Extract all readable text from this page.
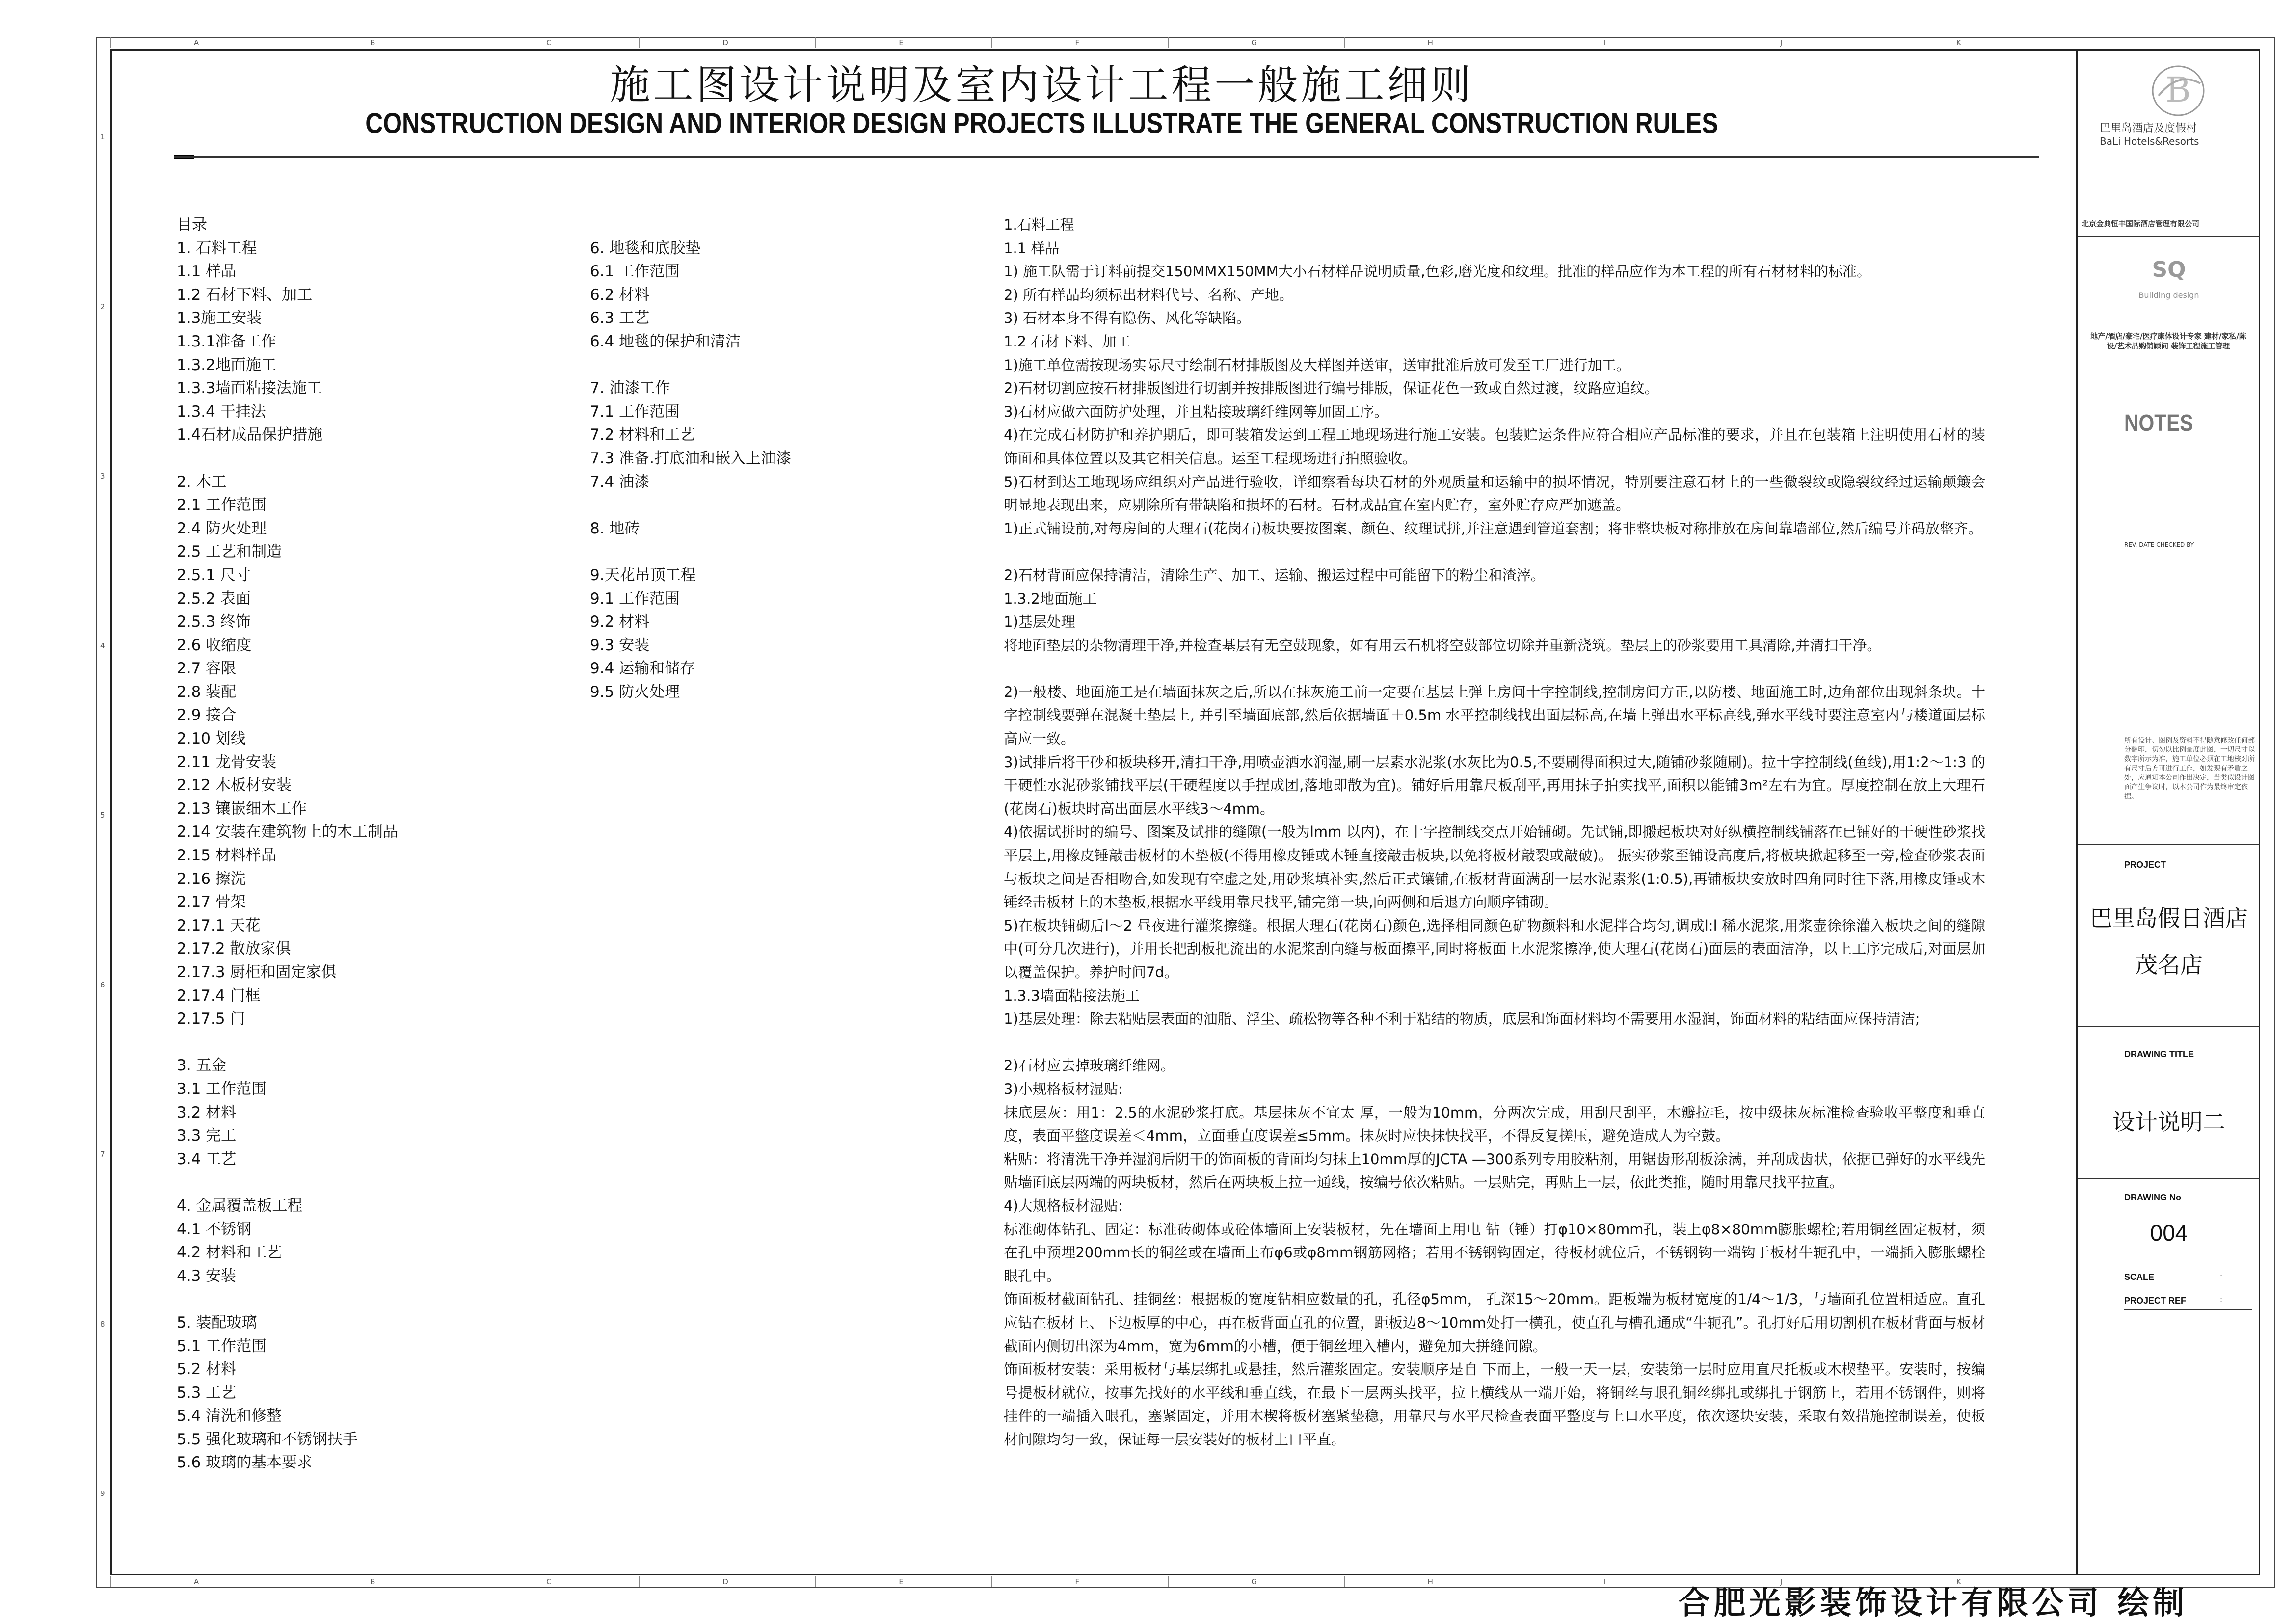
A	B	C	D	E	F	G	H	I	J	K
A	B	C	D	E	F	G	H	I	J	K
1
2
3
4
5
6
7
8
9
施工图设计说明及室内设计工程一般施工细则
CONSTRUCTION DESIGN AND INTERIOR DESIGN PROJECTS ILLUSTRATE THE GENERAL CONSTRUCTION RULES
目录
1. 石料工程
1.1 样品
1.2 石材下料、加工
1.3施工安装
1.3.1准备工作
1.3.2地面施工
1.3.3墙面粘接法施工
1.3.4 干挂法
1.4石材成品保护措施
2. 木工
2.1 工作范围
2.4 防火处理
2.5 工艺和制造
2.5.1 尺寸
2.5.2 表面
2.5.3 终饰
2.6 收缩度
2.7 容限
2.8 装配
2.9 接合
2.10 划线
2.11 龙骨安装
2.12 木板材安装
2.13 镶嵌细木工作
2.14 安装在建筑物上的木工制品
2.15 材料样品
2.16 擦洗
2.17 骨架
2.17.1 天花
2.17.2 散放家俱
2.17.3 厨柜和固定家俱
2.17.4 门框
2.17.5 门
3. 五金
3.1 工作范围
3.2 材料
3.3 完工
3.4 工艺
4. 金属覆盖板工程
4.1 不锈钢
4.2 材料和工艺
4.3 安装
5. 装配玻璃
5.1 工作范围
5.2 材料
5.3 工艺
5.4 清洗和修整
5.5 强化玻璃和不锈钢扶手
5.6 玻璃的基本要求
6. 地毯和底胶垫
6.1 工作范围
6.2 材料
6.3 工艺
6.4 地毯的保护和清洁
7. 油漆工作
7.1 工作范围
7.2 材料和工艺
7.3 准备.打底油和嵌入上油漆
7.4 油漆
8. 地砖
9.天花吊顶工程
9.1 工作范围
9.2 材料
9.3 安装
9.4 运输和储存
9.5 防火处理
1.石料工程
1.1 样品
1) 施工队需于订料前提交150MMX150MM大小石材样品说明质量,色彩,磨光度和纹理。批准的样品应作为本工程的所有石材材料的标准。
2) 所有样品均须标出材料代号、名称、产地。
3) 石材本身不得有隐伤、风化等缺陷。
1.2 石材下料、加工
1)施工单位需按现场实际尺寸绘制石材排版图及大样图并送审，送审批准后放可发至工厂进行加工。
2)石材切割应按石材排版图进行切割并按排版图进行编号排版，保证花色一致或自然过渡，纹路应追纹。
3)石材应做六面防护处理，并且粘接玻璃纤维网等加固工序。
4)在完成石材防护和养护期后，即可装箱发运到工程工地现场进行施工安装。包装贮运条件应符合相应产品标准的要求，并且在包装箱上注明使用石材的装饰面和具体位置以及其它相关信息。运至工程现场进行拍照验收。
5)石材到达工地现场应组织对产品进行验收，详细察看每块石材的外观质量和运输中的损坏情况，特别要注意石材上的一些微裂纹或隐裂纹经过运输颠簸会明显地表现出来，应剔除所有带缺陷和损坏的石材。石材成品宜在室内贮存，室外贮存应严加遮盖。
1)正式铺设前,对每房间的大理石(花岗石)板块要按图案、颜色、纹理试拼,并注意遇到管道套割；将非整块板对称排放在房间靠墙部位,然后编号并码放整齐。
2)石材背面应保持清洁，清除生产、加工、运输、搬运过程中可能留下的粉尘和渣滓。
1.3.2地面施工
1)基层处理
将地面垫层的杂物清理干净,并检查基层有无空鼓现象，如有用云石机将空鼓部位切除并重新浇筑。垫层上的砂浆要用工具清除,并清扫干净。
2)一般楼、地面施工是在墙面抹灰之后,所以在抹灰施工前一定要在基层上弹上房间十字控制线,控制房间方正,以防楼、地面施工时,边角部位出现斜条块。十字控制线要弹在混凝土垫层上, 并引至墙面底部,然后依据墙面＋0.5m 水平控制线找出面层标高,在墙上弹出水平标高线,弹水平线时要注意室内与楼道面层标高应一致。
3)试排后将干砂和板块移开,清扫干净,用喷壶洒水润湿,刷一层素水泥浆(水灰比为0.5,不要刷得面积过大,随铺砂浆随刷)。拉十字控制线(鱼线),用1:2～1:3 的干硬性水泥砂浆铺找平层(干硬程度以手捏成团,落地即散为宜)。铺好后用靠尺板刮平,再用抹子拍实找平,面积以能铺3m²左右为宜。厚度控制在放上大理石(花岗石)板块时高出面层水平线3～4mm。
4)依据试拼时的编号、图案及试排的缝隙(一般为lmm 以内)，在十字控制线交点开始铺砌。先试铺,即搬起板块对好纵横控制线铺落在已铺好的干硬性砂浆找平层上,用橡皮锤敲击板材的木垫板(不得用橡皮锤或木锤直接敲击板块,以免将板材敲裂或敲破)。 振实砂浆至铺设高度后,将板块掀起移至一旁,检查砂浆表面与板块之间是否相吻合,如发现有空虚之处,用砂浆填补实,然后正式镶铺,在板材背面满刮一层水泥素浆(1:0.5),再铺板块安放时四角同时往下落,用橡皮锤或木锤经击板材上的木垫板,根据水平线用靠尺找平,铺完第一块,向两侧和后退方向顺序铺砌。
5)在板块铺砌后l～2 昼夜进行灌浆擦缝。根据大理石(花岗石)颜色,选择相同颜色矿物颜料和水泥拌合均匀,调成l:l 稀水泥浆,用浆壶徐徐灌入板块之间的缝隙中(可分几次进行)，并用长把刮板把流出的水泥浆刮向缝与板面擦平,同时将板面上水泥浆擦净,使大理石(花岗石)面层的表面洁净，以上工序完成后,对面层加以覆盖保护。养护时间7d。
1.3.3墙面粘接法施工
1)基层处理：除去粘贴层表面的油脂、浮尘、疏松物等各种不利于粘结的物质，底层和饰面材料均不需要用水湿润，饰面材料的粘结面应保持清洁;
2)石材应去掉玻璃纤维网。
3)小规格板材湿贴:
抹底层灰：用1：2.5的水泥砂浆打底。基层抹灰不宜太 厚，一般为10mm，分两次完成，用刮尺刮平，木瓣拉毛，按中级抹灰标准检查验收平整度和垂直度，表面平整度误差＜4mm，立面垂直度误差≤5mm。抹灰时应快抹快找平，不得反复搓压，避免造成人为空鼓。
粘贴：将清洗干净并湿润后阴干的饰面板的背面均匀抹上10mm厚的JCTA —300系列专用胶粘剂，用锯齿形刮板涂满，并刮成齿状，依据已弹好的水平线先贴墙面底层两端的两块板材，然后在两块板上拉一通线，按编号依次粘贴。一层贴完，再贴上一层，依此类推，随时用靠尺找平拉直。
4)大规格板材湿贴:
标准砌体钻孔、固定：标准砖砌体或砼体墙面上安装板材，先在墙面上用电 钻（锤）打φ10×80mm孔，装上φ8×80mm膨胀螺栓;若用铜丝固定板材，须在孔中预埋200mm长的铜丝或在墙面上布φ6或φ8mm钢筋网格；若用不锈钢钩固定，待板材就位后，不锈钢钩一端钩于板材牛轭孔中，一端插入膨胀螺栓眼孔中。
饰面板材截面钻孔、挂铜丝：根据板的宽度钻相应数量的孔，孔径φ5mm， 孔深15～20mm。距板端为板材宽度的1/4～1/3，与墙面孔位置相适应。直孔应钻在板材上、下边板厚的中心，再在板背面直孔的位置，距板边8～10mm处打一横孔，使直孔与槽孔通成“牛轭孔”。孔打好后用切割机在板材背面与板材截面内侧切出深为4mm，宽为6mm的小槽，便于铜丝埋入槽内，避免加大拼缝间隙。
饰面板材安装：采用板材与基层绑扎或悬挂，然后灌浆固定。安装顺序是自 下而上，一般一天一层，安装第一层时应用直尺托板或木楔垫平。安装时，按编号提板材就位，按事先找好的水平线和垂直线，在最下一层两头找平，拉上横线从一端开始，将铜丝与眼孔铜丝绑扎或绑扎于钢筋上，若用不锈钢件，则将挂件的一端插入眼孔，塞紧固定，并用木楔将板材塞紧垫稳，用靠尺与水平尺检查表面平整度与上口水平度，依次逐块安装，采取有效措施控制误差，使板材间隙均匀一致，保证每一层安装好的板材上口平直。
B
巴里岛酒店及度假村
BaLi Hotels&Resorts
北京金典恒丰国际酒店管理有限公司
SQ
Building design
地产/酒店/豪宅/医疗康体设计专家 建材/家私/陈设/艺术品购销顾问 装饰工程施工管理
NOTES
REV. DATE CHECKED BY
所有设计、图例及资料不得随意修改任何部分翻印，切勿以比例量度此图，一切尺寸以数字所示为准，施工单位必须在工地核对所有尺寸后方可进行工作，如发现有矛盾之处，应通知本公司作出决定，当类似设计图面产生争议时，以本公司作为最终审定依据。
PROJECT
巴里岛假日酒店
茂名店
DRAWING TITLE
设计说明二
DRAWING No
004
SCALE	:
PROJECT REF	:
合肥光影装饰设计有限公司 绘制
